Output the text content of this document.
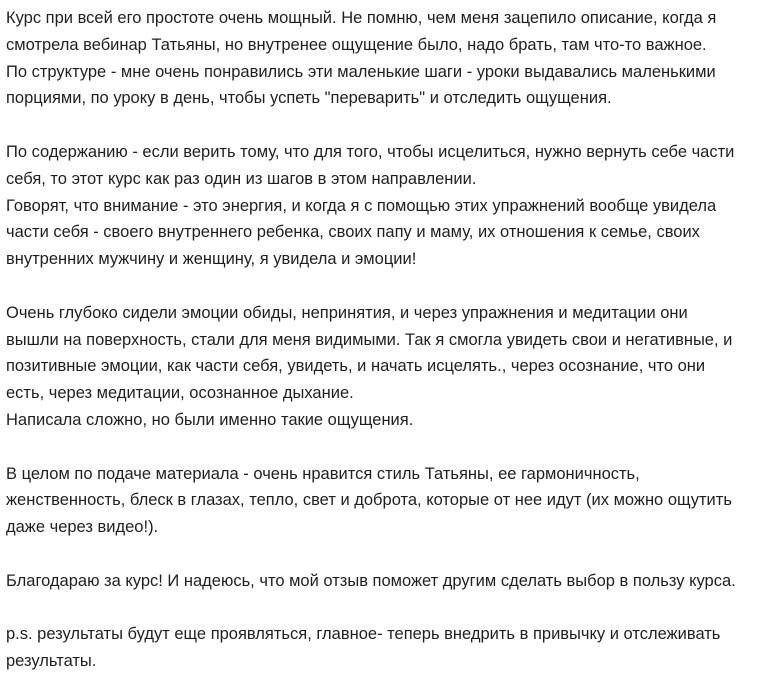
Курс при всей его простоте очень мощный. Не помню, чем меня зацепило описание, когда я
смотрела вебинар Татьяны, но внутренее ощущение было, надо брать, там что-то важное.
По структуре - мне очень понравились эти маленькие шаги - уроки выдавались маленькими
порциями, по уроку в день, чтобы успеть "переварить" и отследить ощущения.

По содержанию - если верить тому, что для того, чтобы исцелиться, нужно вернуть себе части
себя, то этот курс как раз один из шагов в этом направлении.
Говорят, что внимание - это энергия, и когда я с помощью этих упражнений вообще увидела
части себя - своего внутреннего ребенка, своих папу и маму, их отношения к семье, своих
внутренних мужчину и женщину, я увидела и эмоции!

Очень глубоко сидели эмоции обиды, непринятия, и через упражнения и медитации они
вышли на поверхность, стали для меня видимыми. Так я смогла увидеть свои и негативные, и
позитивные эмоции, как части себя, увидеть, и начать исцелять., через осознание, что они
есть, через медитации, осознанное дыхание.
Написала сложно, но были именно такие ощущения.

В целом по подаче материала - очень нравится стиль Татьяны, ее гармоничность,
женственность, блеск в глазах, тепло, свет и доброта, которые от нее идут (их можно ощутить
даже через видео!).

Благодараю за курс! И надеюсь, что мой отзыв поможет другим сделать выбор в пользу курса.

p.s. результаты будут еще проявляться, главное- теперь внедрить в привычку и отслеживать
результаты.
